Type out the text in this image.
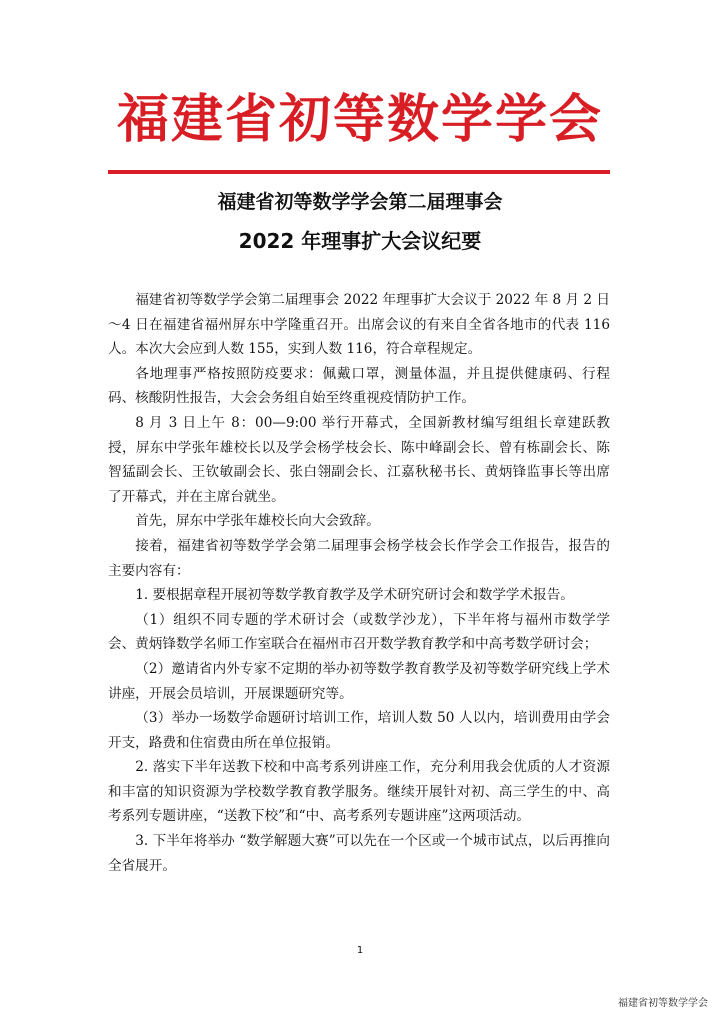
福建省初等数学学会
福建省初等数学学会第二届理事会
2022 年理事扩大会议纪要

福建省初等数学学会第二届理事会 2022 年理事扩大会议于 2022 年 8 月 2 日～4 日在福建省福州屏东中学隆重召开。出席会议的有来自全省各地市的代表 116 人。本次大会应到人数 155，实到人数 116，符合章程规定。

各地理事严格按照防疫要求：佩戴口罩，测量体温，并且提供健康码、行程码、核酸阴性报告，大会会务组自始至终重视疫情防护工作。

8 月 3 日上午 8：00—9:00 举行开幕式，全国新教材编写组组长章建跃教授，屏东中学张年雄校长以及学会杨学枝会长、陈中峰副会长、曾有栋副会长、陈智猛副会长、王钦敏副会长、张白翎副会长、江嘉秋秘书长、黄炳锋监事长等出席了开幕式，并在主席台就坐。

首先，屏东中学张年雄校长向大会致辞。

接着，福建省初等数学学会第二届理事会杨学枝会长作学会工作报告，报告的主要内容有：

1. 要根据章程开展初等数学教育教学及学术研究研讨会和数学学术报告。

（1）组织不同专题的学术研讨会（或数学沙龙），下半年将与福州市数学学会、黄炳锋数学名师工作室联合在福州市召开数学教育教学和中高考数学研讨会；

（2）邀请省内外专家不定期的举办初等数学教育教学及初等数学研究线上学术讲座，开展会员培训，开展课题研究等。

（3）举办一场数学命题研讨培训工作，培训人数 50 人以内，培训费用由学会开支，路费和住宿费由所在单位报销。

2. 落实下半年送教下校和中高考系列讲座工作，充分利用我会优质的人才资源和丰富的知识资源为学校数学教育教学服务。继续开展针对初、高三学生的中、高考系列专题讲座，“送教下校”和“中、高考系列专题讲座”这两项活动。

3. 下半年将举办 “数学解题大赛”可以先在一个区或一个城市试点，以后再推向全省展开。

1
福建省初等数学学会
